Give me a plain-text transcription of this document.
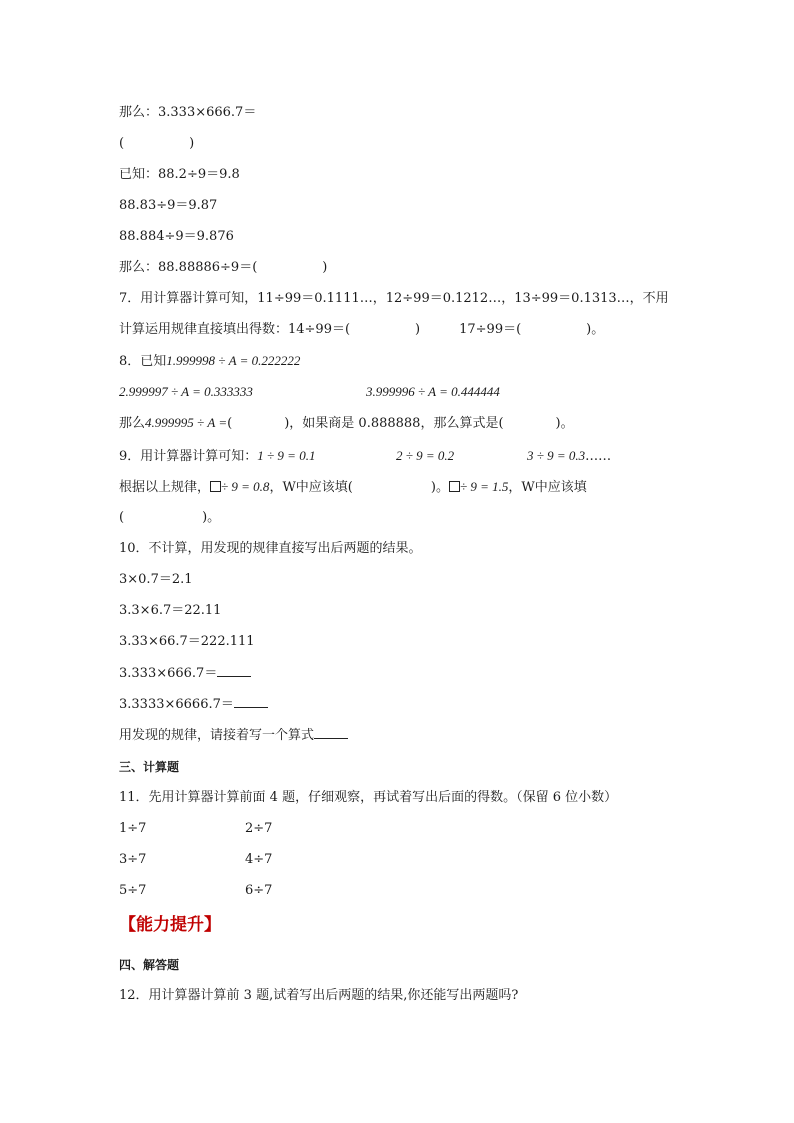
那么：3.333×666.7＝
(　　　　　)
已知：88.2÷9＝9.8
88.83÷9＝9.87
88.884÷9＝9.876
那么：88.88886÷9＝(　　　　　)
7．用计算器计算可知，11÷99＝0.1111…，12÷99＝0.1212…，13÷99＝0.1313…，不用
计算运用规律直接填出得数：14÷99＝(　　　　　)　　　17÷99＝(　　　　　)。
8．已知1.999998 ÷ A = 0.222222
2.999997 ÷ A = 0.333333	3.999996 ÷ A = 0.444444
那么4.999995 ÷ A =(　　　　)，如果商是 0.888888，那么算式是(　　　　)。
9．用计算器计算可知：1 ÷ 9 = 0.1	2 ÷ 9 = 0.2	3 ÷ 9 = 0.3……
根据以上规律， ÷ 9 = 0.8，W中应该填(　　　　　　)。 ÷ 9 = 1.5，W中应该填
(　　　　　　)。
10．不计算，用发现的规律直接写出后两题的结果。
3×0.7＝2.1
3.3×6.7＝22.11
3.33×66.7＝222.111
3.333×666.7＝
3.3333×6666.7＝
用发现的规律，请接着写一个算式
三、计算题
11．先用计算器计算前面 4 题，仔细观察，再试着写出后面的得数。（保留 6 位小数）
1÷7	2÷7
3÷7	4÷7
5÷7	6÷7
【能力提升】
四、解答题
12．用计算器计算前 3 题,试着写出后两题的结果,你还能写出两题吗?
